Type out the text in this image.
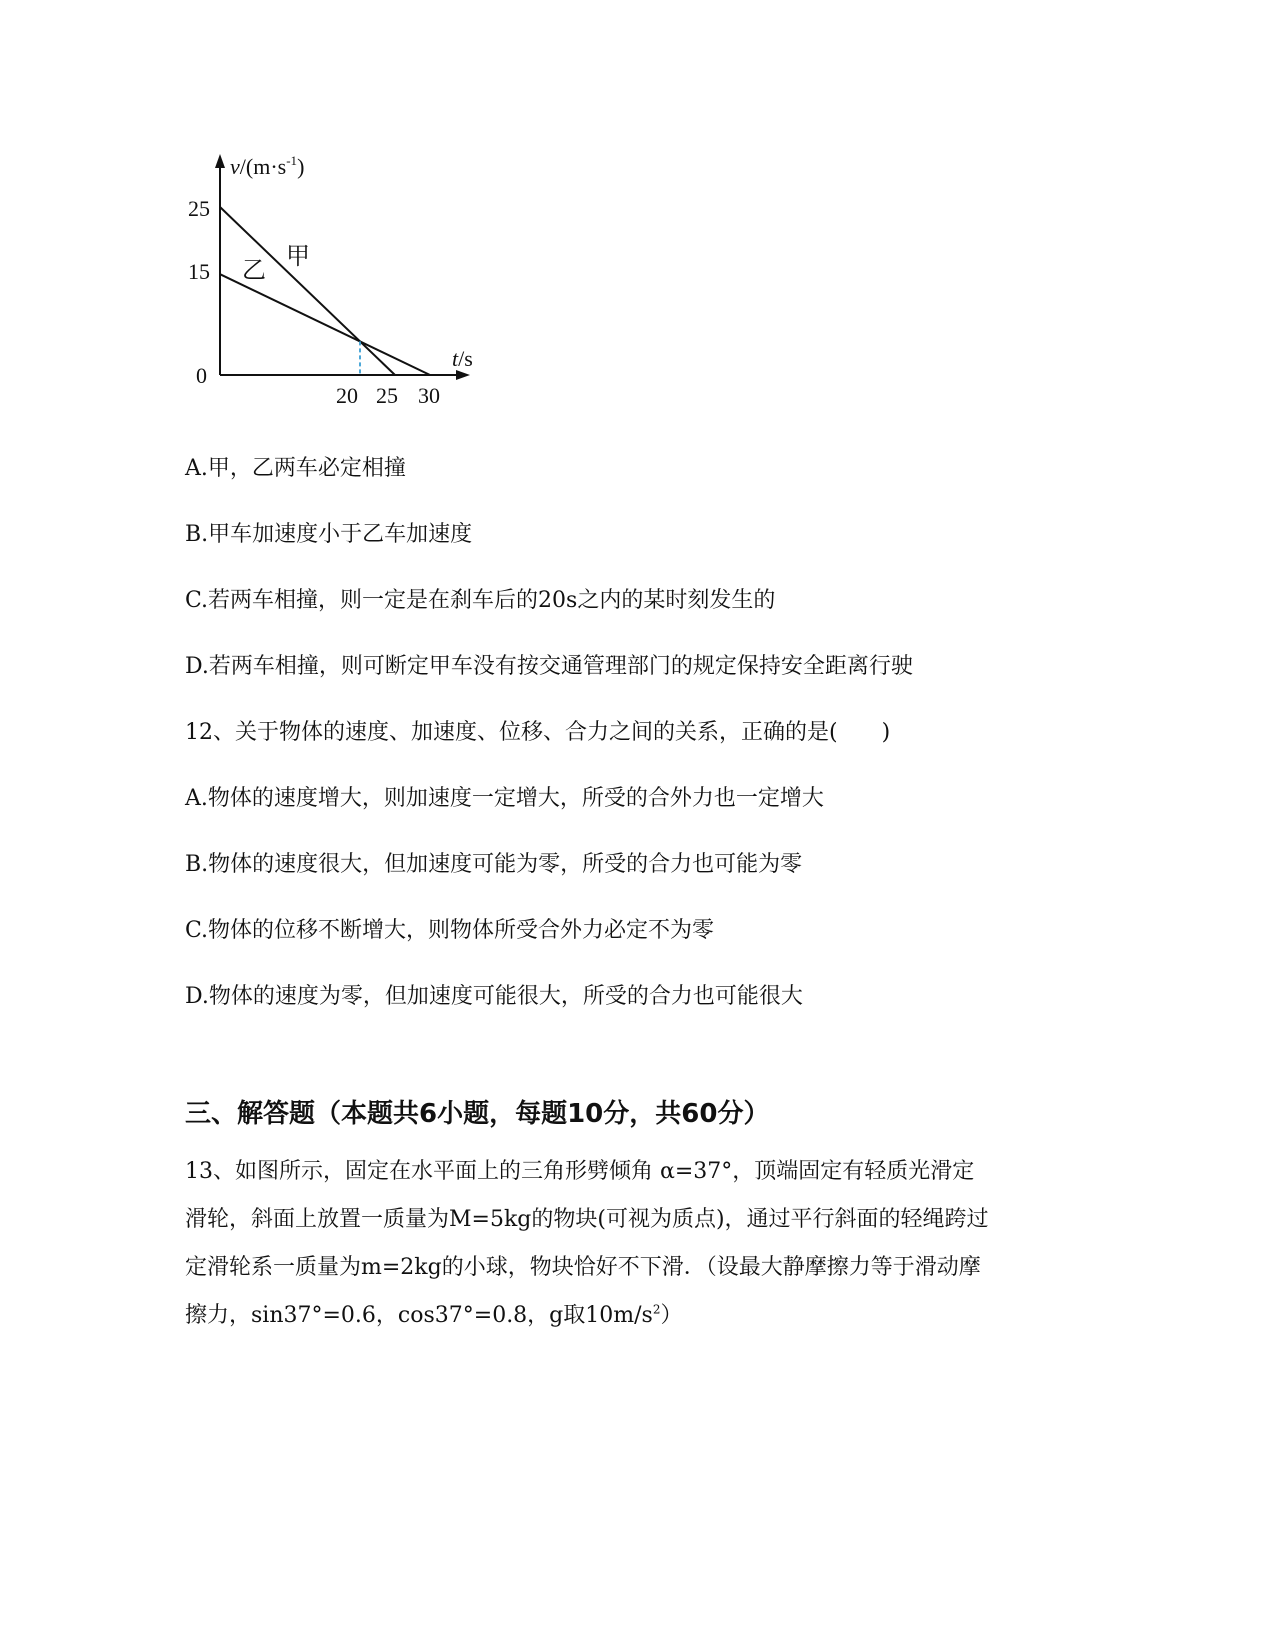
$v/(m\cdot s^{-1})$
t/s
0
25
15
20 25 30
甲
乙
A.甲，乙两车必定相撞
B.甲车加速度小于乙车加速度
C.若两车相撞，则一定是在刹车后的20s之内的某时刻发生的
D.若两车相撞，则可断定甲车没有按交通管理部门的规定保持安全距离行驶
12、关于物体的速度、加速度、位移、合力之间的关系，正确的是(　　)
A.物体的速度增大，则加速度一定增大，所受的合外力也一定增大
B.物体的速度很大，但加速度可能为零，所受的合力也可能为零
C.物体的位移不断增大，则物体所受合外力必定不为零
D.物体的速度为零，但加速度可能很大，所受的合力也可能很大
三、解答题（本题共6小题，每题10分，共60分）
13、如图所示，固定在水平面上的三角形劈倾角 α=37°，顶端固定有轻质光滑定
滑轮，斜面上放置一质量为M=5kg的物块(可视为质点)，通过平行斜面的轻绳跨过
定滑轮系一质量为m=2kg的小球，物块恰好不下滑．（设最大静摩擦力等于滑动摩
擦力，sin37°=0.6，cos37°=0.8，g取$10m/s^2$）
